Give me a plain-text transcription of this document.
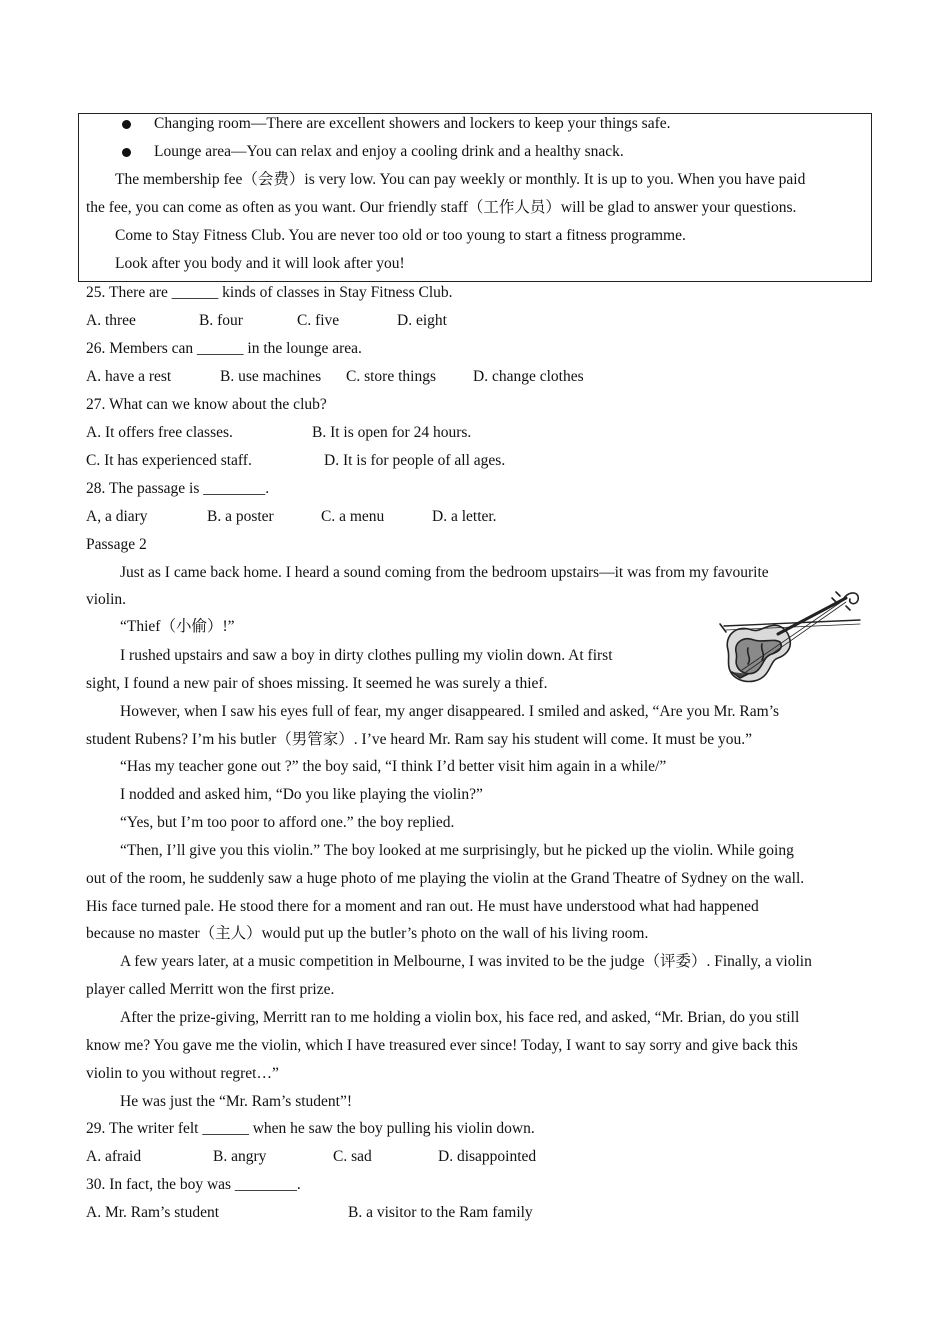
Changing room—There are excellent showers and lockers to keep your things safe.
Lounge area—You can relax and enjoy a cooling drink and a healthy snack.
The membership fee（会费）is very low. You can pay weekly or monthly. It is up to you. When you have paid
the fee, you can come as often as you want. Our friendly staff（工作人员）will be glad to answer your questions.
Come to Stay Fitness Club. You are never too old or too young to start a fitness programme.
Look after you body and it will look after you!
25. There are ______ kinds of classes in Stay Fitness Club.
A. three	B. four	C. five	D. eight
26. Members can ______ in the lounge area.
A. have a rest	B. use machines C. store things D. change clothes
27. What can we know about the club?
A. It offers free classes.	B. It is open for 24 hours.
C. It has experienced staff.	D. It is for people of all ages.
28. The passage is ________.
A, a diary	B. a poster	C. a menu	D. a letter.
Passage 2
Just as I came back home. I heard a sound coming from the bedroom upstairs—it was from my favourite
violin.
“Thief（小偷）!”
I rushed upstairs and saw a boy in dirty clothes pulling my violin down. At first
sight, I found a new pair of shoes missing. It seemed he was surely a thief.
However, when I saw his eyes full of fear, my anger disappeared. I smiled and asked, “Are you Mr. Ram’s
student Rubens? I’m his butler（男管家）. I’ve heard Mr. Ram say his student will come. It must be you.”
“Has my teacher gone out ?” the boy said, “I think I’d better visit him again in a while/”
I nodded and asked him, “Do you like playing the violin?”
“Yes, but I’m too poor to afford one.” the boy replied.
“Then, I’ll give you this violin.” The boy looked at me surprisingly, but he picked up the violin. While going
out of the room, he suddenly saw a huge photo of me playing the violin at the Grand Theatre of Sydney on the wall.
His face turned pale. He stood there for a moment and ran out. He must have understood what had happened
because no master（主人）would put up the butler’s photo on the wall of his living room.
A few years later, at a music competition in Melbourne, I was invited to be the judge（评委）. Finally, a violin
player called Merritt won the first prize.
After the prize-giving, Merritt ran to me holding a violin box, his face red, and asked, “Mr. Brian, do you still
know me? You gave me the violin, which I have treasured ever since! Today, I want to say sorry and give back this
violin to you without regret…”
He was just the “Mr. Ram’s student”!
29. The writer felt ______ when he saw the boy pulling his violin down.
A. afraid	B. angry	C. sad	D. disappointed
30. In fact, the boy was ________.
A. Mr. Ram’s student	B. a visitor to the Ram family
